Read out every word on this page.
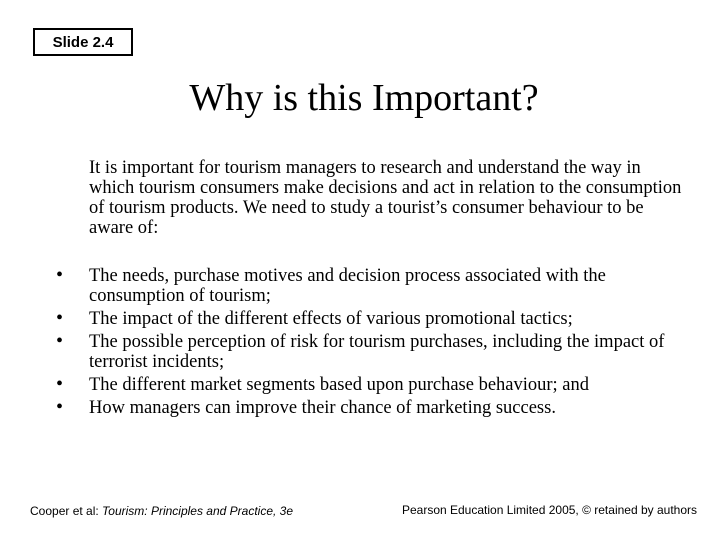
Slide 2.4
Why is this Important?

It is important for tourism managers to research and understand the way in which tourism consumers make decisions and act in relation to the consumption of tourism products. We need to study a tourist’s consumer behaviour to be aware of:

• The needs, purchase motives and decision process associated with the consumption of tourism;
• The impact of the different effects of various promotional tactics;
• The possible perception of risk for tourism purchases, including the impact of terrorist incidents;
• The different market segments based upon purchase behaviour; and
• How managers can improve their chance of marketing success.
Cooper et al: Tourism: Principles and Practice, 3e	Pearson Education Limited 2005, © retained by authors
